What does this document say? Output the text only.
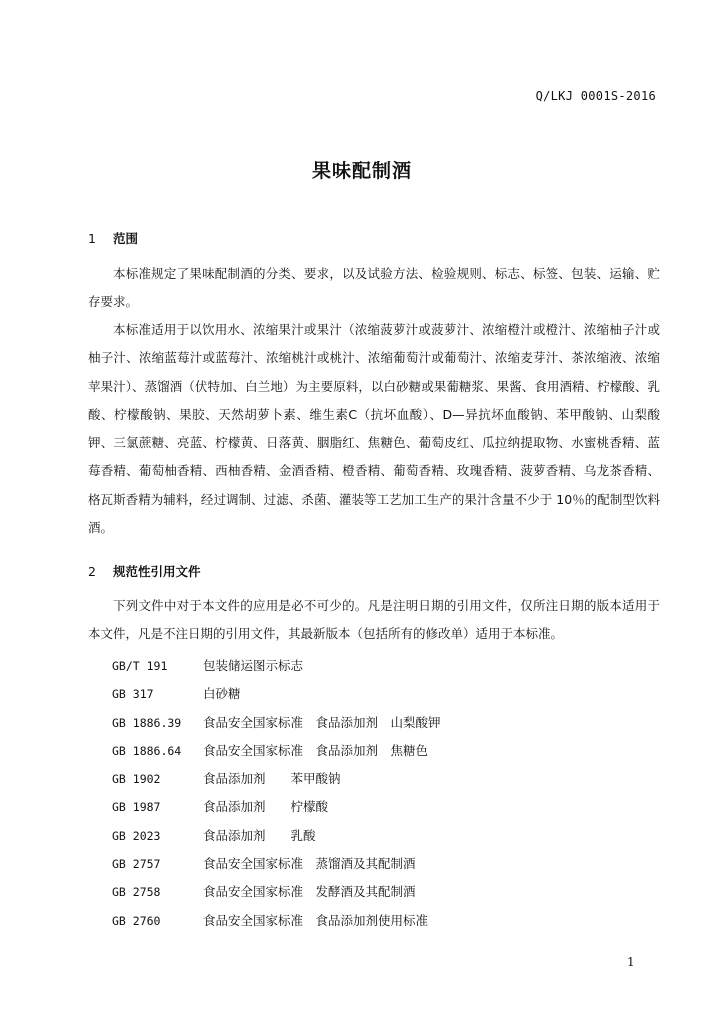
Q/LKJ 0001S-2016
果味配制酒
1 范围

本标准规定了果味配制酒的分类、要求，以及试验方法、检验规则、标志、标签、包装、运输、贮存要求。

本标准适用于以饮用水、浓缩果汁或果汁（浓缩菠萝汁或菠萝汁、浓缩橙汁或橙汁、浓缩柚子汁或柚子汁、浓缩蓝莓汁或蓝莓汁、浓缩桃汁或桃汁、浓缩葡萄汁或葡萄汁、浓缩麦芽汁、茶浓缩液、浓缩苹果汁）、蒸馏酒（伏特加、白兰地）为主要原料，以白砂糖或果葡糖浆、果酱、食用酒精、柠檬酸、乳酸、柠檬酸钠、果胶、天然胡萝卜素、维生素C（抗坏血酸）、D—异抗坏血酸钠、苯甲酸钠、山梨酸钾、三氯蔗糖、亮蓝、柠檬黄、日落黄、胭脂红、焦糖色、葡萄皮红、瓜拉纳提取物、水蜜桃香精、蓝莓香精、葡萄柚香精、西柚香精、金酒香精、橙香精、葡萄香精、玫瑰香精、菠萝香精、乌龙茶香精、格瓦斯香精为辅料，经过调制、过滤、杀菌、灌装等工艺加工生产的果汁含量不少于 10％的配制型饮料酒。

2 规范性引用文件

下列文件中对于本文件的应用是必不可少的。凡是注明日期的引用文件，仅所注日期的版本适用于本文件，凡是不注日期的引用文件，其最新版本（包括所有的修改单）适用于本标准。

GB/T 191	包装储运图示标志
GB 317	白砂糖
GB 1886.39 食品安全国家标准　食品添加剂　山梨酸钾
GB 1886.64 食品安全国家标准　食品添加剂　焦糖色
GB 1902	食品添加剂　　苯甲酸钠
GB 1987	食品添加剂　　柠檬酸
GB 2023	食品添加剂　　乳酸
GB 2757	食品安全国家标准　蒸馏酒及其配制酒
GB 2758	食品安全国家标准　发酵酒及其配制酒
GB 2760	食品安全国家标准　食品添加剂使用标准
1
